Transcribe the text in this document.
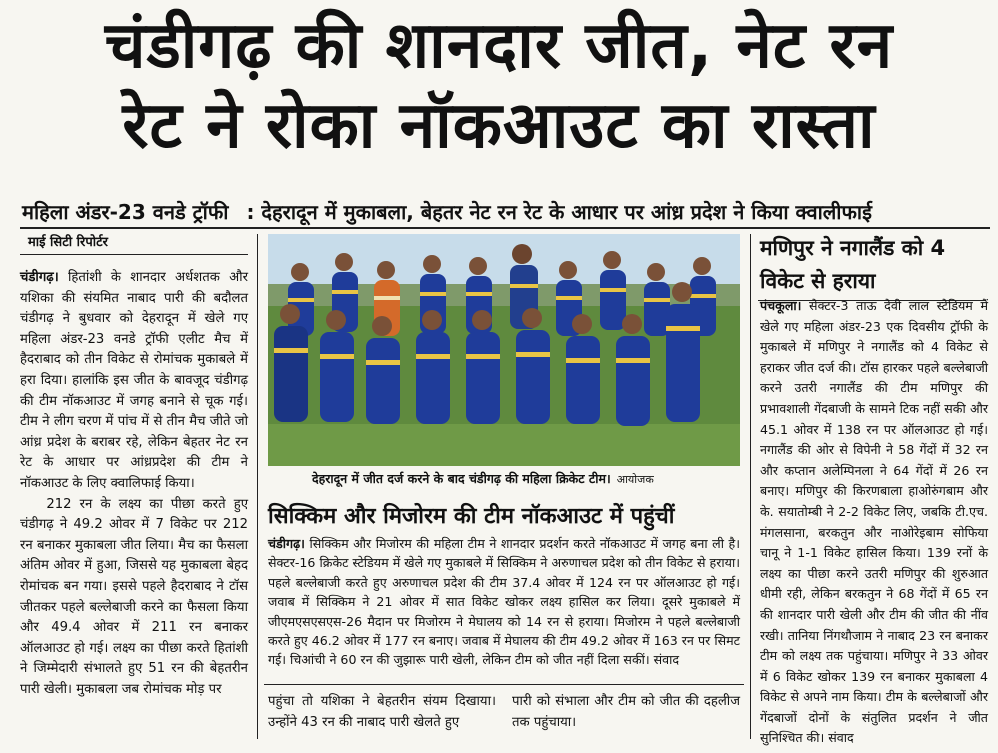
चंडीगढ़ की शानदार जीत, नेट रन
रेट ने रोका नॉकआउट का रास्ता
महिला अंडर-23 वनडे ट्रॉफी : देहरादून में मुकाबला, बेहतर नेट रन रेट के आधार पर आंध्र प्रदेश ने किया क्वालीफाई
माई सिटी रिपोर्टर

चंडीगढ़। हितांशी के शानदार अर्धशतक और यशिका की संयमित नाबाद पारी की बदौलत चंडीगढ़ ने बुधवार को देहरादून में खेले गए महिला अंडर-23 वनडे ट्रॉफी एलीट मैच में हैदराबाद को तीन विकेट से रोमांचक मुकाबले में हरा दिया। हालांकि इस जीत के बावजूद चंडीगढ़ की टीम नॉकआउट में जगह बनाने से चूक गई। टीम ने लीग चरण में पांच में से तीन मैच जीते जो आंध्र प्रदेश के बराबर रहे, लेकिन बेहतर नेट रन रेट के आधार पर आंध्रप्रदेश की टीम ने नॉकआउट के लिए क्वालिफाई किया।

212 रन के लक्ष्य का पीछा करते हुए चंडीगढ़ ने 49.2 ओवर में 7 विकेट पर 212 रन बनाकर मुकाबला जीत लिया। मैच का फैसला अंतिम ओवर में हुआ, जिससे यह मुकाबला बेहद रोमांचक बन गया। इससे पहले हैदराबाद ने टॉस जीतकर पहले बल्लेबाजी करने का फैसला किया और 49.4 ओवर में 211 रन बनाकर ऑलआउट हो गई। लक्ष्य का पीछा करते हितांशी ने जिम्मेदारी संभालते हुए 51 रन की बेहतरीन पारी खेली। मुकाबला जब रोमांचक मोड़ पर

देहरादून में जीत दर्ज करने के बाद चंडीगढ़ की महिला क्रिकेट टीम। आयोजक
सिक्किम और मिजोरम की टीम नॉकआउट में पहुंचीं

चंडीगढ़। सिक्किम और मिजोरम की महिला टीम ने शानदार प्रदर्शन करते नॉकआउट में जगह बना ली है। सेक्टर-16 क्रिकेट स्टेडियम में खेले गए मुकाबले में सिक्किम ने अरुणाचल प्रदेश को तीन विकेट से हराया। पहले बल्लेबाजी करते हुए अरुणाचल प्रदेश की टीम 37.4 ओवर में 124 रन पर ऑलआउट हो गई। जवाब में सिक्किम ने 21 ओवर में सात विकेट खोकर लक्ष्य हासिल कर लिया। दूसरे मुकाबले में जीएमएसएसएस-26 मैदान पर मिजोरम ने मेघालय को 14 रन से हराया। मिजोरम ने पहले बल्लेबाजी करते हुए 46.2 ओवर में 177 रन बनाए। जवाब में मेघालय की टीम 49.2 ओवर में 163 रन पर सिमट गई। चिआंची ने 60 रन की जुझारू पारी खेली, लेकिन टीम को जीत नहीं दिला सकीं। संवाद

पहुंचा तो यशिका ने बेहतरीन संयम दिखाया। उन्होंने 43 रन की नाबाद पारी खेलते हुए
पारी को संभाला और टीम को जीत की दहलीज तक पहुंचाया।
मणिपुर ने नगालैंड को 4 विकेट से हराया

पंचकूला। सेक्टर-3 ताऊ देवी लाल स्टेडियम में खेले गए महिला अंडर-23 एक दिवसीय ट्रॉफी के मुकाबले में मणिपुर ने नगालैंड को 4 विकेट से हराकर जीत दर्ज की। टॉस हारकर पहले बल्लेबाजी करने उतरी नगालैंड की टीम मणिपुर की प्रभावशाली गेंदबाजी के सामने टिक नहीं सकी और 45.1 ओवर में 138 रन पर ऑलआउट हो गई। नगालैंड की ओर से विपेनी ने 58 गेंदों में 32 रन और कप्तान अलेम्पिनला ने 64 गेंदों में 26 रन बनाए। मणिपुर की किरणबाला हाओरुंगबाम और के. सयातोम्बी ने 2-2 विकेट लिए, जबकि टी.एच. मंगलसाना, बरकतुन और नाओरेइबाम सोफिया चानू ने 1-1 विकेट हासिल किया। 139 रनों के लक्ष्य का पीछा करने उतरी मणिपुर की शुरुआत धीमी रही, लेकिन बरकतुन ने 68 गेंदों में 65 रन की शानदार पारी खेली और टीम की जीत की नींव रखी। तानिया निंगथौजाम ने नाबाद 23 रन बनाकर टीम को लक्ष्य तक पहुंचाया। मणिपुर ने 33 ओवर में 6 विकेट खोकर 139 रन बनाकर मुकाबला 4 विकेट से अपने नाम किया। टीम के बल्लेबाजों और गेंदबाजों दोनों के संतुलित प्रदर्शन ने जीत सुनिश्चित की। संवाद
